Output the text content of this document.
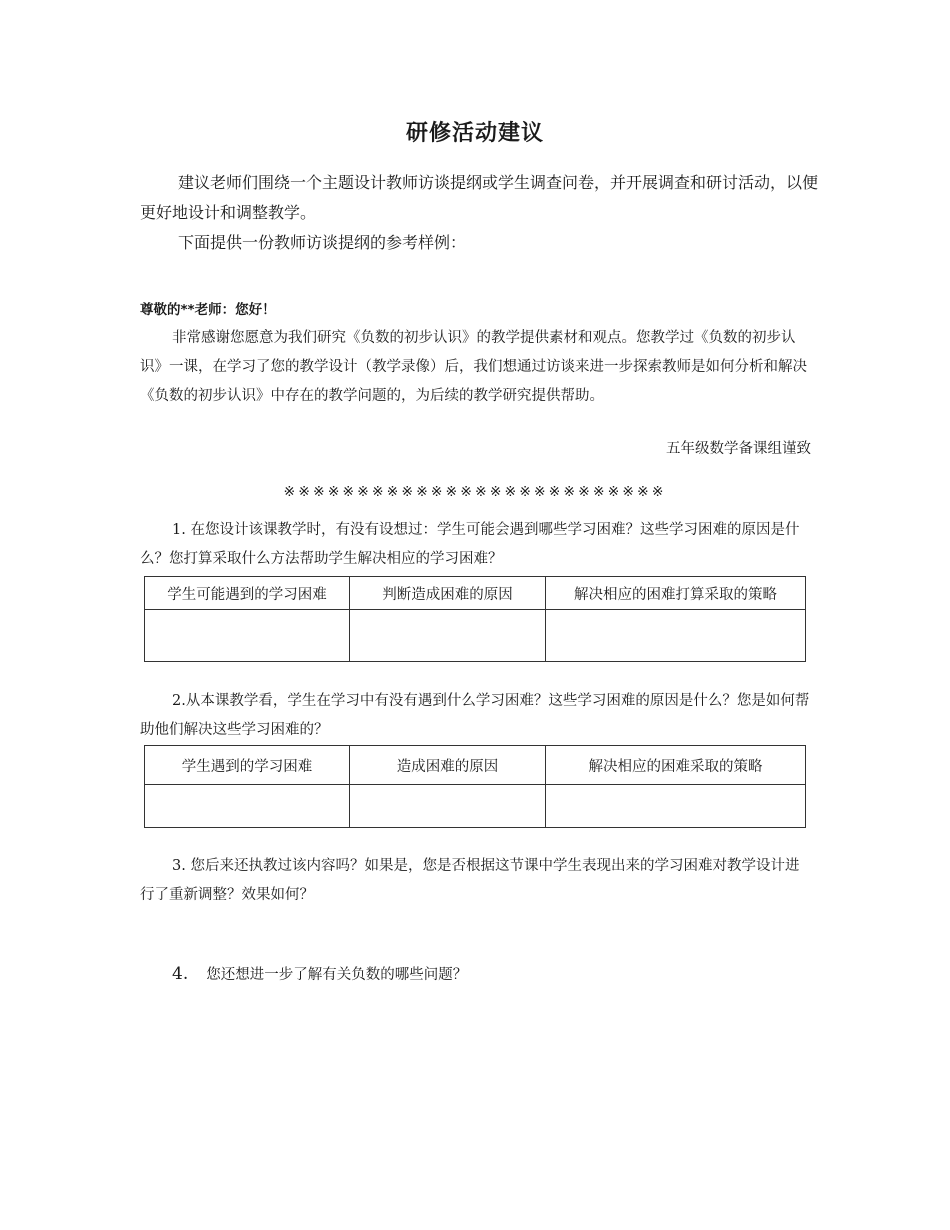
研修活动建议

建议老师们围绕一个主题设计教师访谈提纲或学生调查问卷，并开展调查和研讨活动，以便更好地设计和调整教学。

下面提供一份教师访谈提纲的参考样例：

尊敬的**老师：您好！
非常感谢您愿意为我们研究《负数的初步认识》的教学提供素材和观点。您教学过《负数的初步认识》一课，在学习了您的教学设计（教学录像）后，我们想通过访谈来进一步探索教师是如何分析和解决《负数的初步认识》中存在的教学问题的，为后续的教学研究提供帮助。
五年级数学备课组谨致
※※※※※※※※※※※※※※※※※※※※※※※※※※

1. 在您设计该课教学时，有没有设想过：学生可能会遇到哪些学习困难？这些学习困难的原因是什么？您打算采取什么方法帮助学生解决相应的学习困难？

学生可能遇到的学习困难	判断造成困难的原因	解决相应的困难打算采取的策略

2.从本课教学看，学生在学习中有没有遇到什么学习困难？这些学习困难的原因是什么？您是如何帮助他们解决这些学习困难的？

学生遇到的学习困难	造成困难的原因	解决相应的困难采取的策略

3. 您后来还执教过该内容吗？如果是，您是否根据这节课中学生表现出来的学习困难对教学设计进行了重新调整？效果如何？

4. 您还想进一步了解有关负数的哪些问题？
